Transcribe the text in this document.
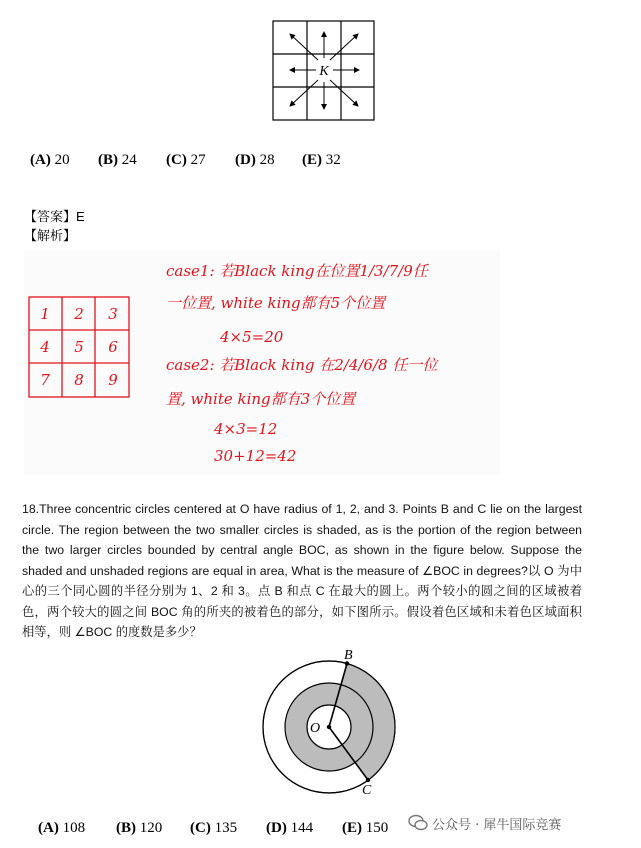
K
(A) 20 (B) 24 (C) 27 (D) 28 (E) 32
【答案】E
【解析】
1 2 3
4 5 6
7 8 9
case1: 若Black king在位置1/3/7/9任
一位置, white king都有5个位置
4×5=20
case2: 若Black king 在2/4/6/8 任一位
置, white king都有3个位置
4×3=12
30+12=42
18.Three concentric circles centered at O have radius of 1, 2, and 3. Points B and C lie on the largest circle. The region between the two smaller circles is shaded, as is the portion of the region between the two larger circles bounded by central angle BOC, as shown in the figure below. Suppose the shaded and unshaded regions are equal in area, What is the measure of ∠BOC in degrees?以 O 为中心的三个同心圆的半径分别为 1、2 和 3。点 B 和点 C 在最大的圆上。两个较小的圆之间的区域被着色，两个较大的圆之间 BOC 角的所夹的被着色的部分，如下图所示。假设着色区域和未着色区域面积相等，则 ∠BOC 的度数是多少？
B
C
O
(A) 108 (B) 120 (C) 135 (D) 144 (E) 150	公众号 · 犀牛国际竞赛
